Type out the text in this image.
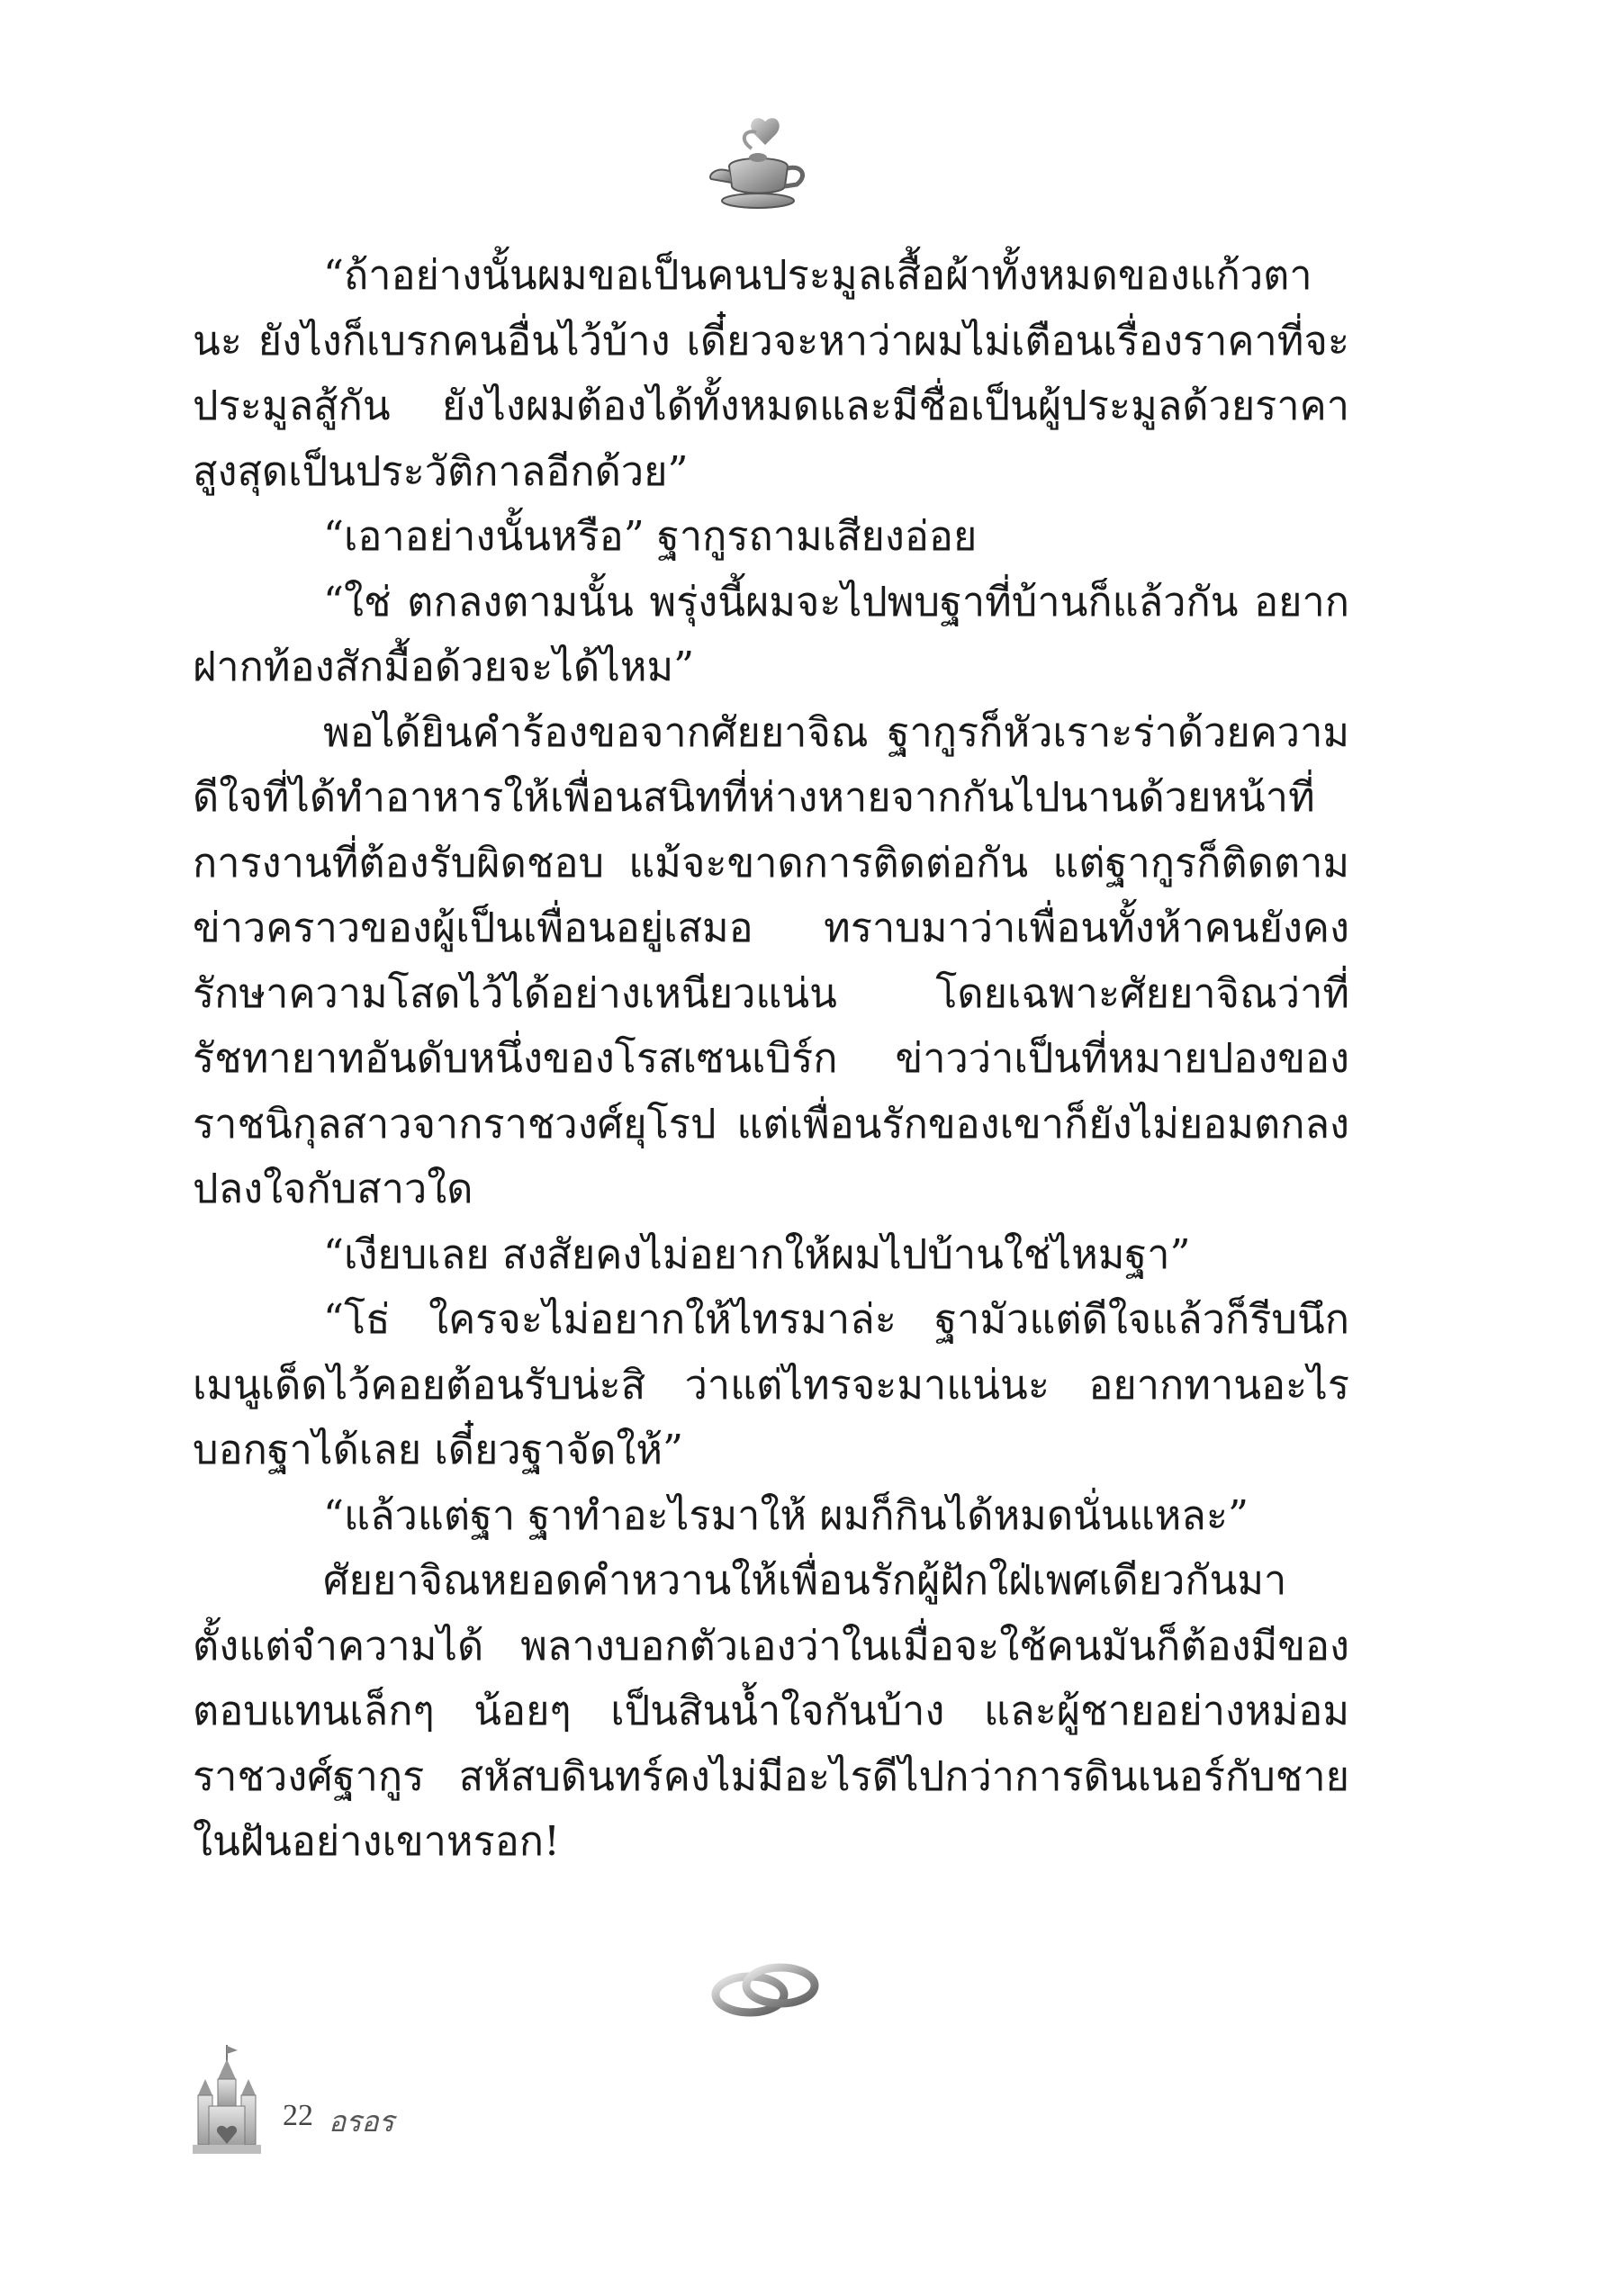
“ถ้าอย่างนั้นผมขอเป็นคนประมูลเสื้อผ้าทั้งหมดของแก้วตานะ ยังไงก็เบรกคนอื่นไว้บ้าง เดี๋ยวจะหาว่าผมไม่เตือนเรื่องราคาที่จะประมูลสู้กัน ยังไงผมต้องได้ทั้งหมดและมีชื่อเป็นผู้ประมูลด้วยราคาสูงสุดเป็นประวัติกาลอีกด้วย”

“เอาอย่างนั้นหรือ” ฐากูรถามเสียงอ่อย

“ใช่ ตกลงตามนั้น พรุ่งนี้ผมจะไปพบฐาที่บ้านก็แล้วกัน อยากฝากท้องสักมื้อด้วยจะได้ไหม”

พอได้ยินคำร้องขอจากศัยยาจิณ ฐากูรก็หัวเราะร่าด้วยความดีใจที่ได้ทำอาหารให้เพื่อนสนิทที่ห่างหายจากกันไปนานด้วยหน้าที่การงานที่ต้องรับผิดชอบ แม้จะขาดการติดต่อกัน แต่ฐากูรก็ติดตามข่าวคราวของผู้เป็นเพื่อนอยู่เสมอ ทราบมาว่าเพื่อนทั้งห้าคนยังคงรักษาความโสดไว้ได้อย่างเหนียวแน่น โดยเฉพาะศัยยาจิณว่าที่รัชทายาทอันดับหนึ่งของโรสเซนเบิร์ก ข่าวว่าเป็นที่หมายปองของราชนิกุลสาวจากราชวงศ์ยุโรป แต่เพื่อนรักของเขาก็ยังไม่ยอมตกลงปลงใจกับสาวใด

“เงียบเลย สงสัยคงไม่อยากให้ผมไปบ้านใช่ไหมฐา”

“โธ่ ใครจะไม่อยากให้ไทรมาล่ะ ฐามัวแต่ดีใจแล้วก็รีบนึกเมนูเด็ดไว้คอยต้อนรับน่ะสิ ว่าแต่ไทรจะมาแน่นะ อยากทานอะไรบอกฐาได้เลย เดี๋ยวฐาจัดให้”

“แล้วแต่ฐา ฐาทำอะไรมาให้ ผมก็กินได้หมดนั่นแหละ”

ศัยยาจิณหยอดคำหวานให้เพื่อนรักผู้ฝักใฝ่เพศเดียวกันมาตั้งแต่จำความได้ พลางบอกตัวเองว่าในเมื่อจะใช้คนมันก็ต้องมีของตอบแทนเล็กๆ น้อยๆ เป็นสินน้ำใจกันบ้าง และผู้ชายอย่างหม่อมราชวงศ์ฐากูร สหัสบดินทร์คงไม่มีอะไรดีไปกว่าการดินเนอร์กับชายในฝันอย่างเขาหรอก!

22 อรอร
